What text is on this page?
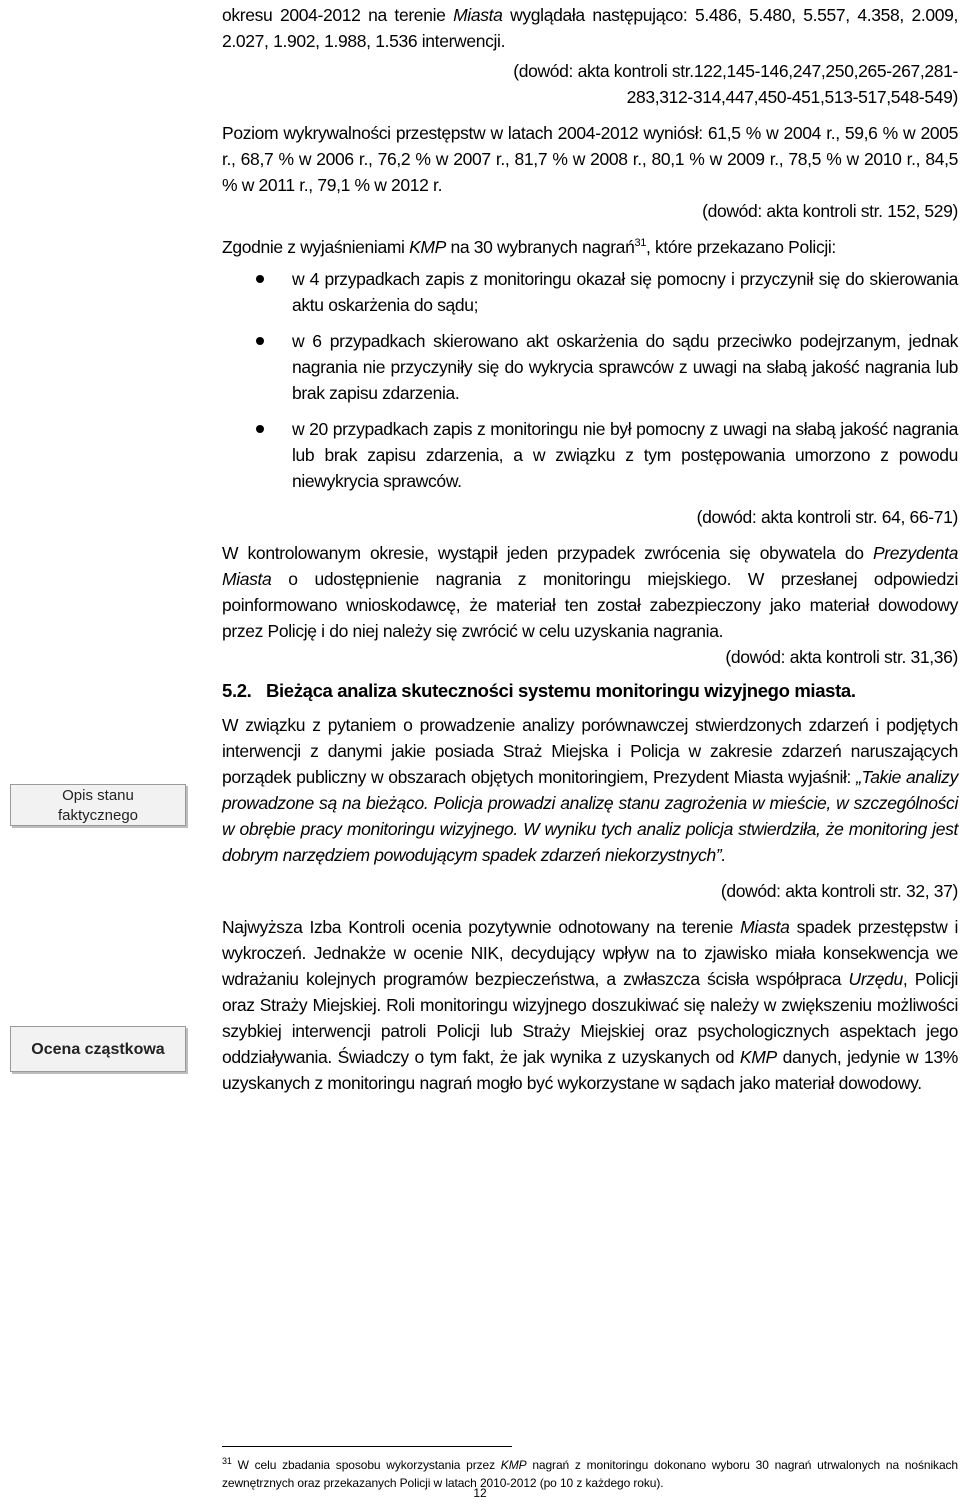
Opis stanu
faktycznego
Ocena cząstkowa

okresu 2004-2012 na terenie Miasta wyglądała następująco: 5.486, 5.480, 5.557, 4.358, 2.009, 2.027, 1.902, 1.988, 1.536 interwencji.

(dowód: akta kontroli str.122,145-146,247,250,265-267,281-

283,312-314,447,450-451,513-517,548-549)

Poziom wykrywalności przestępstw w latach 2004-2012 wyniósł: 61,5 % w 2004 r., 59,6 % w 2005 r., 68,7 % w 2006 r., 76,2 % w 2007 r., 81,7 % w 2008 r., 80,1 % w 2009 r., 78,5 % w 2010 r., 84,5 % w 2011 r., 79,1 % w 2012 r.

(dowód: akta kontroli str. 152, 529)

Zgodnie z wyjaśnieniami KMP na 30 wybranych nagrań$^{31}$, które przekazano Policji:

w 4 przypadkach zapis z monitoringu okazał się pomocny i przyczynił się do skierowania aktu oskarżenia do sądu;
w 6 przypadkach skierowano akt oskarżenia do sądu przeciwko podejrzanym, jednak nagrania nie przyczyniły się do wykrycia sprawców z uwagi na słabą jakość nagrania lub brak zapisu zdarzenia.
w 20 przypadkach zapis z monitoringu nie był pomocny z uwagi na słabą jakość nagrania lub brak zapisu zdarzenia, a w związku z tym postępowania umorzono z powodu niewykrycia sprawców.

(dowód: akta kontroli str. 64, 66-71)

W kontrolowanym okresie, wystąpił jeden przypadek zwrócenia się obywatela do Prezydenta Miasta o udostępnienie nagrania z monitoringu miejskiego. W przesłanej odpowiedzi poinformowano wnioskodawcę, że materiał ten został zabezpieczony jako materiał dowodowy przez Policję i do niej należy się zwrócić w celu uzyskania nagrania.

(dowód: akta kontroli str. 31,36)

5.2. Bieżąca analiza skuteczności systemu monitoringu wizyjnego miasta.

W związku z pytaniem o prowadzenie analizy porównawczej stwierdzonych zdarzeń i podjętych interwencji z danymi jakie posiada Straż Miejska i Policja w zakresie zdarzeń naruszających porządek publiczny w obszarach objętych monitoringiem, Prezydent Miasta wyjaśnił: „Takie analizy prowadzone są na bieżąco. Policja prowadzi analizę stanu zagrożenia w mieście, w szczególności w obrębie pracy monitoringu wizyjnego. W wyniku tych analiz policja stwierdziła, że monitoring jest dobrym narzędziem powodującym spadek zdarzeń niekorzystnych”.

(dowód: akta kontroli str. 32, 37)

Najwyższa Izba Kontroli ocenia pozytywnie odnotowany na terenie Miasta spadek przestępstw i wykroczeń. Jednakże w ocenie NIK, decydujący wpływ na to zjawisko miała konsekwencja we wdrażaniu kolejnych programów bezpieczeństwa, a zwłaszcza ścisła współpraca Urzędu, Policji oraz Straży Miejskiej. Roli monitoringu wizyjnego doszukiwać się należy w zwiększeniu możliwości szybkiej interwencji patroli Policji lub Straży Miejskiej oraz psychologicznych aspektach jego oddziaływania. Świadczy o tym fakt, że jak wynika z uzyskanych od KMP danych, jedynie w 13% uzyskanych z monitoringu nagrań mogło być wykorzystane w sądach jako materiał dowodowy.

$^{31}$ W celu zbadania sposobu wykorzystania przez KMP nagrań z monitoringu dokonano wyboru 30 nagrań utrwalonych na nośnikach zewnętrznych oraz przekazanych Policji w latach 2010-2012 (po 10 z każdego roku).
12
